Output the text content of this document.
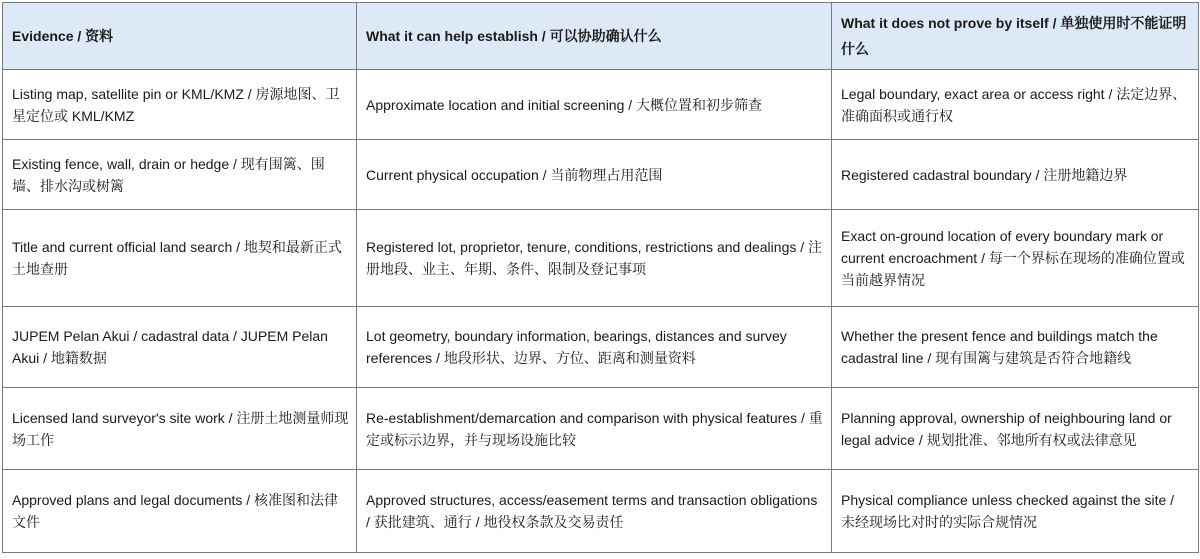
Evidence / 资料	What it can help establish / 可以协助确认什么	What it does not prove by itself / 单独使用时不能证明什么
Listing map, satellite pin or KML/KMZ / 房源地图、卫星定位或 KML/KMZ	Approximate location and initial screening / 大概位置和初步筛查	Legal boundary, exact area or access right / 法定边界、准确面积或通行权
Existing fence, wall, drain or hedge / 现有围篱、围墙、排水沟或树篱	Current physical occupation / 当前物理占用范围	Registered cadastral boundary / 注册地籍边界
Title and current official land search / 地契和最新正式土地查册	Registered lot, proprietor, tenure, conditions, restrictions and dealings / 注册地段、业主、年期、条件、限制及登记事项	Exact on-ground location of every boundary mark or current encroachment / 每一个界标在现场的准确位置或当前越界情况
JUPEM Pelan Akui / cadastral data / JUPEM Pelan Akui / 地籍数据	Lot geometry, boundary information, bearings, distances and survey references / 地段形状、边界、方位、距离和测量资料	Whether the present fence and buildings match the cadastral line / 现有围篱与建筑是否符合地籍线
Licensed land surveyor's site work / 注册土地测量师现场工作	Re-establishment/demarcation and comparison with physical features / 重定或标示边界，并与现场设施比较	Planning approval, ownership of neighbouring land or legal advice / 规划批准、邻地所有权或法律意见
Approved plans and legal documents / 核准图和法律文件	Approved structures, access/easement terms and transaction obligations / 获批建筑、通行 / 地役权条款及交易责任	Physical compliance unless checked against the site / 未经现场比对时的实际合规情况
